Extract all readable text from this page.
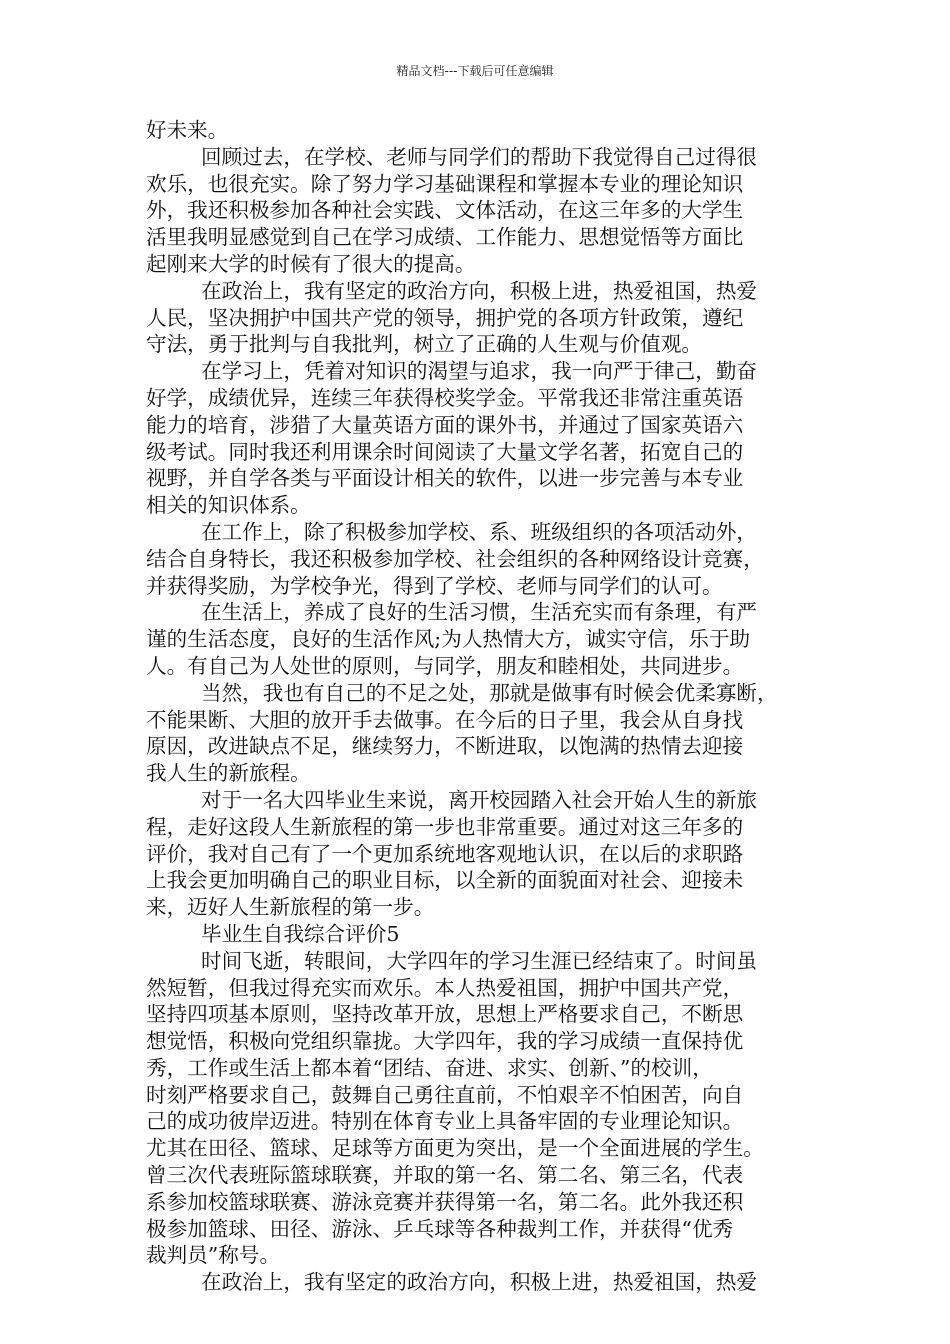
精品文档---下载后可任意编辑
好未来。
回顾过去，在学校、老师与同学们的帮助下我觉得自己过得很
欢乐，也很充实。除了努力学习基础课程和掌握本专业的理论知识
外，我还积极参加各种社会实践、文体活动，在这三年多的大学生
活里我明显感觉到自己在学习成绩、工作能力、思想觉悟等方面比
起刚来大学的时候有了很大的提高。
在政治上，我有坚定的政治方向，积极上进，热爱祖国，热爱
人民，坚决拥护中国共产党的领导，拥护党的各项方针政策，遵纪
守法，勇于批判与自我批判，树立了正确的人生观与价值观。
在学习上，凭着对知识的渴望与追求，我一向严于律己，勤奋
好学，成绩优异，连续三年获得校奖学金。平常我还非常注重英语
能力的培育，涉猎了大量英语方面的课外书，并通过了国家英语六
级考试。同时我还利用课余时间阅读了大量文学名著，拓宽自己的
视野，并自学各类与平面设计相关的软件，以进一步完善与本专业
相关的知识体系。
在工作上，除了积极参加学校、系、班级组织的各项活动外，
结合自身特长，我还积极参加学校、社会组织的各种网络设计竞赛，
并获得奖励，为学校争光，得到了学校、老师与同学们的认可。
在生活上，养成了良好的生活习惯，生活充实而有条理，有严
谨的生活态度，良好的生活作风;为人热情大方，诚实守信，乐于助
人。有自己为人处世的原则，与同学，朋友和睦相处，共同进步。
当然，我也有自己的不足之处，那就是做事有时候会优柔寡断，
不能果断、大胆的放开手去做事。在今后的日子里，我会从自身找
原因，改进缺点不足，继续努力，不断进取，以饱满的热情去迎接
我人生的新旅程。
对于一名大四毕业生来说，离开校园踏入社会开始人生的新旅
程，走好这段人生新旅程的第一步也非常重要。通过对这三年多的
评价，我对自己有了一个更加系统地客观地认识，在以后的求职路
上我会更加明确自己的职业目标，以全新的面貌面对社会、迎接未
来，迈好人生新旅程的第一步。
毕业生自我综合评价5
时间飞逝，转眼间，大学四年的学习生涯已经结束了。时间虽
然短暂，但我过得充实而欢乐。本人热爱祖国，拥护中国共产党，
坚持四项基本原则，坚持改革开放，思想上严格要求自己，不断思
想觉悟，积极向党组织靠拢。大学四年，我的学习成绩一直保持优
秀，工作或生活上都本着“团结、奋进、求实、创新、”的校训，
时刻严格要求自己，鼓舞自己勇往直前，不怕艰辛不怕困苦，向自
己的成功彼岸迈进。特别在体育专业上具备牢固的专业理论知识。
尤其在田径、篮球、足球等方面更为突出，是一个全面进展的学生。
曾三次代表班际篮球联赛，并取的第一名、第二名、第三名，代表
系参加校篮球联赛、游泳竞赛并获得第一名，第二名。此外我还积
极参加篮球、田径、游泳、乒乓球等各种裁判工作，并获得“优秀
裁判员”称号。
在政治上，我有坚定的政治方向，积极上进，热爱祖国，热爱
